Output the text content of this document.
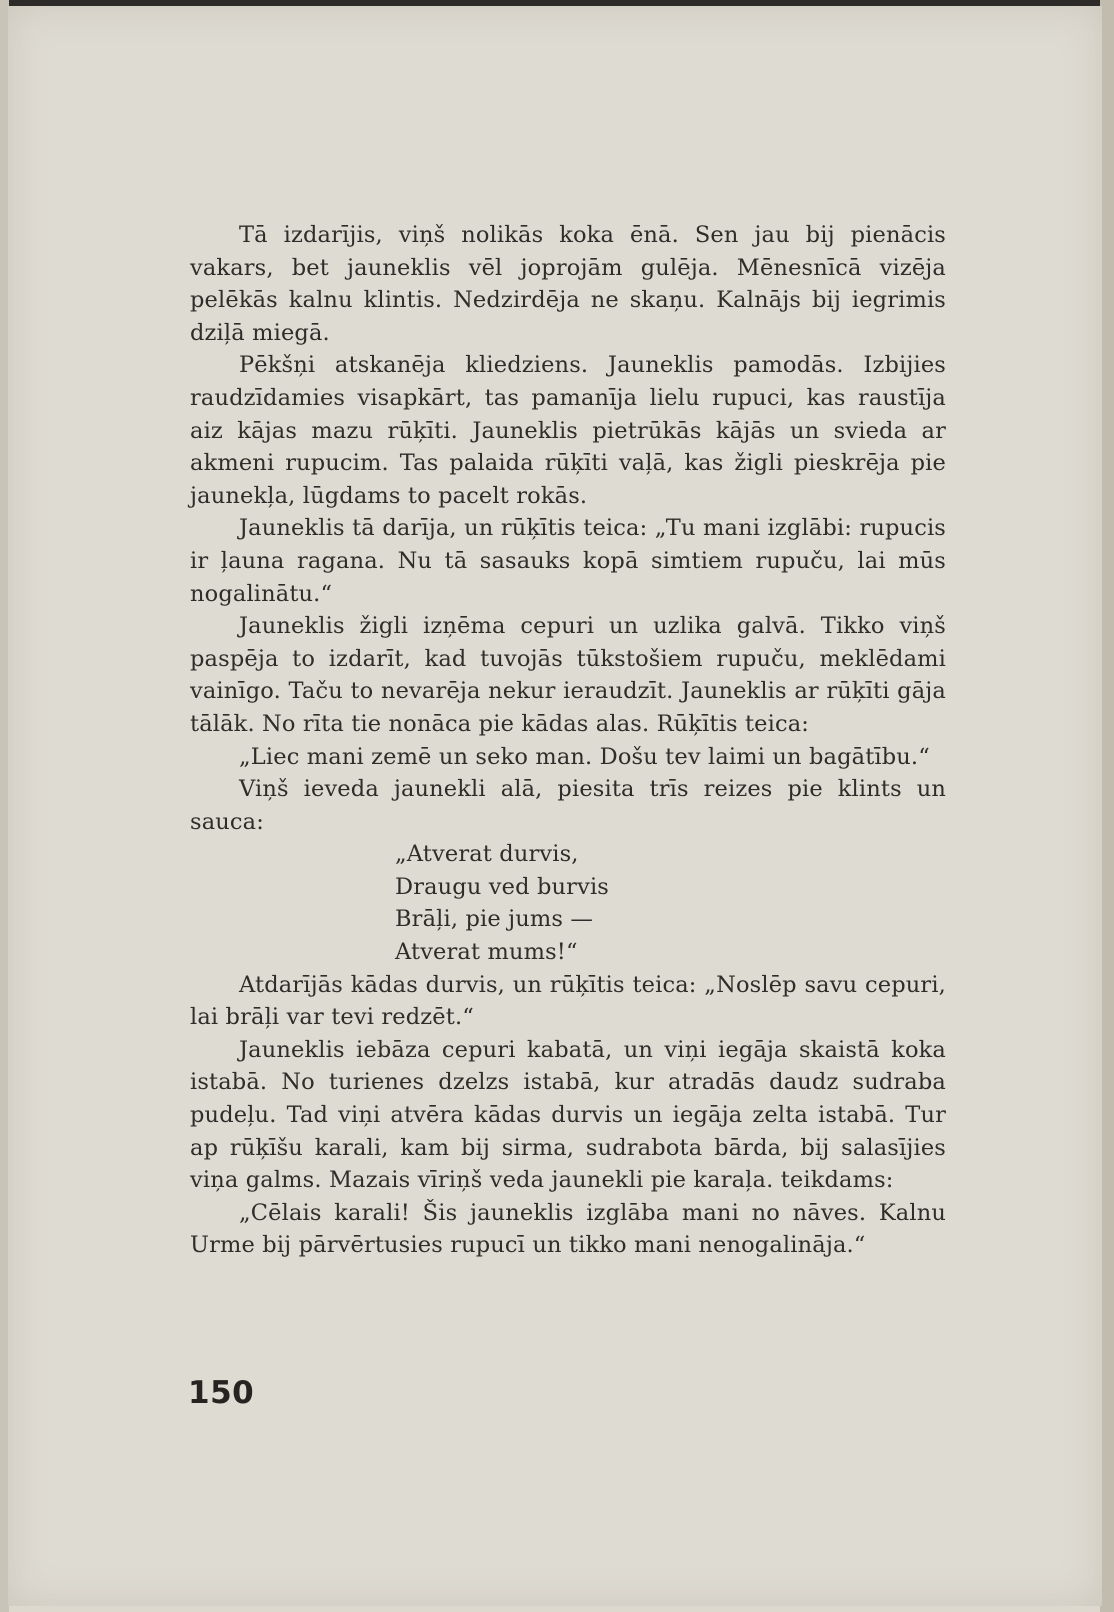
Tā izdarījis, viņš nolikās koka ēnā. Sen jau bij pienācis vakars, bet jauneklis vēl joprojām gulēja. Mēnesnīcā vizēja pelēkās kalnu klintis. Nedzirdēja ne skaņu. Kalnājs bij iegrimis dziļā miegā.

Pēkšņi atskanēja kliedziens. Jauneklis pamodās. Izbijies raudzīdamies visapkārt, tas pamanīja lielu rupuci, kas raustīja aiz kājas mazu rūķīti. Jauneklis pietrūkās kājās un svieda ar akmeni rupucim. Tas palaida rūķīti vaļā, kas žigli pieskrēja pie jaunekļa, lūgdams to pacelt rokās.

Jauneklis tā darīja, un rūķītis teica: „Tu mani izglābi: rupucis ir ļauna ragana. Nu tā sasauks kopā simtiem rupuču, lai mūs nogalinātu.“

Jauneklis žigli izņēma cepuri un uzlika galvā. Tikko viņš paspēja to izdarīt, kad tuvojās tūkstošiem rupuču, meklēdami vainīgo. Taču to nevarēja nekur ieraudzīt. Jauneklis ar rūķīti gāja tālāk. No rīta tie nonāca pie kādas alas. Rūķītis teica:

„Liec mani zemē un seko man. Došu tev laimi un bagātību.“

Viņš ieveda jaunekli alā, piesita trīs reizes pie klints un sauca:

„Atverat durvis,
Draugu ved burvis
Brāļi, pie jums —
Atverat mums!“

Atdarījās kādas durvis, un rūķītis teica: „Noslēp savu cepuri, lai brāļi var tevi redzēt.“

Jauneklis iebāza cepuri kabatā, un viņi iegāja skaistā koka istabā. No turienes dzelzs istabā, kur atradās daudz sudraba pudeļu. Tad viņi atvēra kādas durvis un iegāja zelta istabā. Tur ap rūķīšu karali, kam bij sirma, sudrabota bārda, bij salasījies viņa galms. Mazais vīriņš veda jaunekli pie karaļa. teikdams:

„Cēlais karali! Šis jauneklis izglāba mani no nāves. Kalnu Urme bij pārvērtusies rupucī un tikko mani nenogalināja.“

150
